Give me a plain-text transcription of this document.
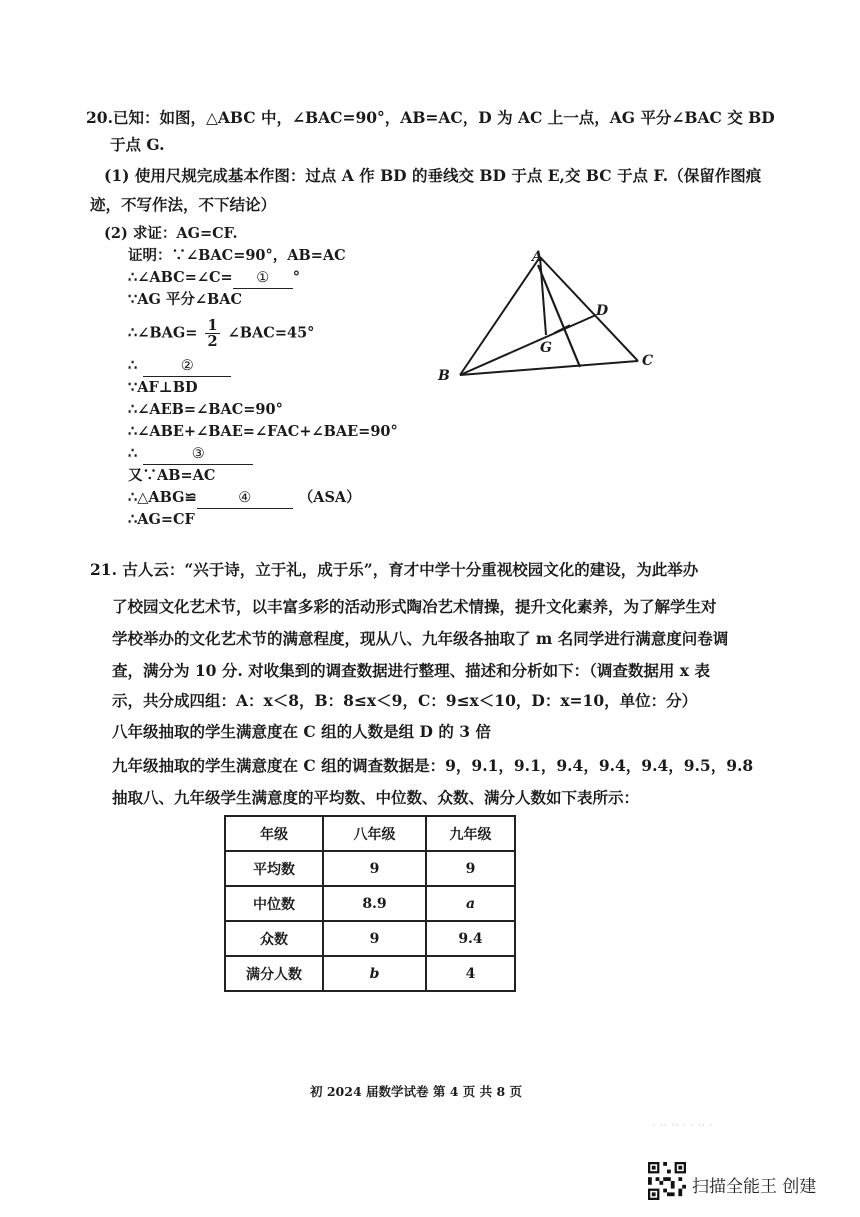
20.已知：如图，△ABC 中，∠BAC=90°，AB=AC，D 为 AC 上一点，AG 平分∠BAC 交 BD
于点 G.
(1) 使用尺规完成基本作图：过点 A 作 BD 的垂线交 BD 于点 E,交 BC 于点 F.（保留作图痕
迹，不写作法，不下结论）
(2) 求证：AG=CF.
证明：∵∠BAC=90°，AB=AC
∴∠ABC=∠C= ① °
∵AG 平分∠BAC
∴∠BAG= $\frac{1}{2}$ ∠BAC=45°
∴	②
∵AF⊥BD
∴∠AEB=∠BAC=90°
∴∠ABE+∠BAE=∠FAC+∠BAE=90°
∴	③
又∵AB=AC
∴△ABG≌	④	（ASA）
∴AG=CF
A
B
C
D
G
21. 古人云：“兴于诗，立于礼，成于乐”，育才中学十分重视校园文化的建设，为此举办
了校园文化艺术节，以丰富多彩的活动形式陶冶艺术情操，提升文化素养，为了解学生对
学校举办的文化艺术节的满意程度，现从八、九年级各抽取了 m 名同学进行满意度问卷调
查，满分为 10 分. 对收集到的调查数据进行整理、描述和分析如下：（调查数据用 x 表
示，共分成四组：A：x＜8，B：8≤x＜9，C：9≤x＜10，D：x=10，单位：分）
八年级抽取的学生满意度在 C 组的人数是组 D 的 3 倍
九年级抽取的学生满意度在 C 组的调查数据是：9，9.1，9.1，9.4，9.4，9.4，9.5，9.8
抽取八、九年级学生满意度的平均数、中位数、众数、满分人数如下表所示：
年级	八年级	九年级
平均数	9	9
中位数	8.9	a
众数	9	9.4
满分人数	b	4
初 2024 届数学试卷 第 4 页 共 8 页
· ·· ·· · · ·· ·
扫描全能王 创建
